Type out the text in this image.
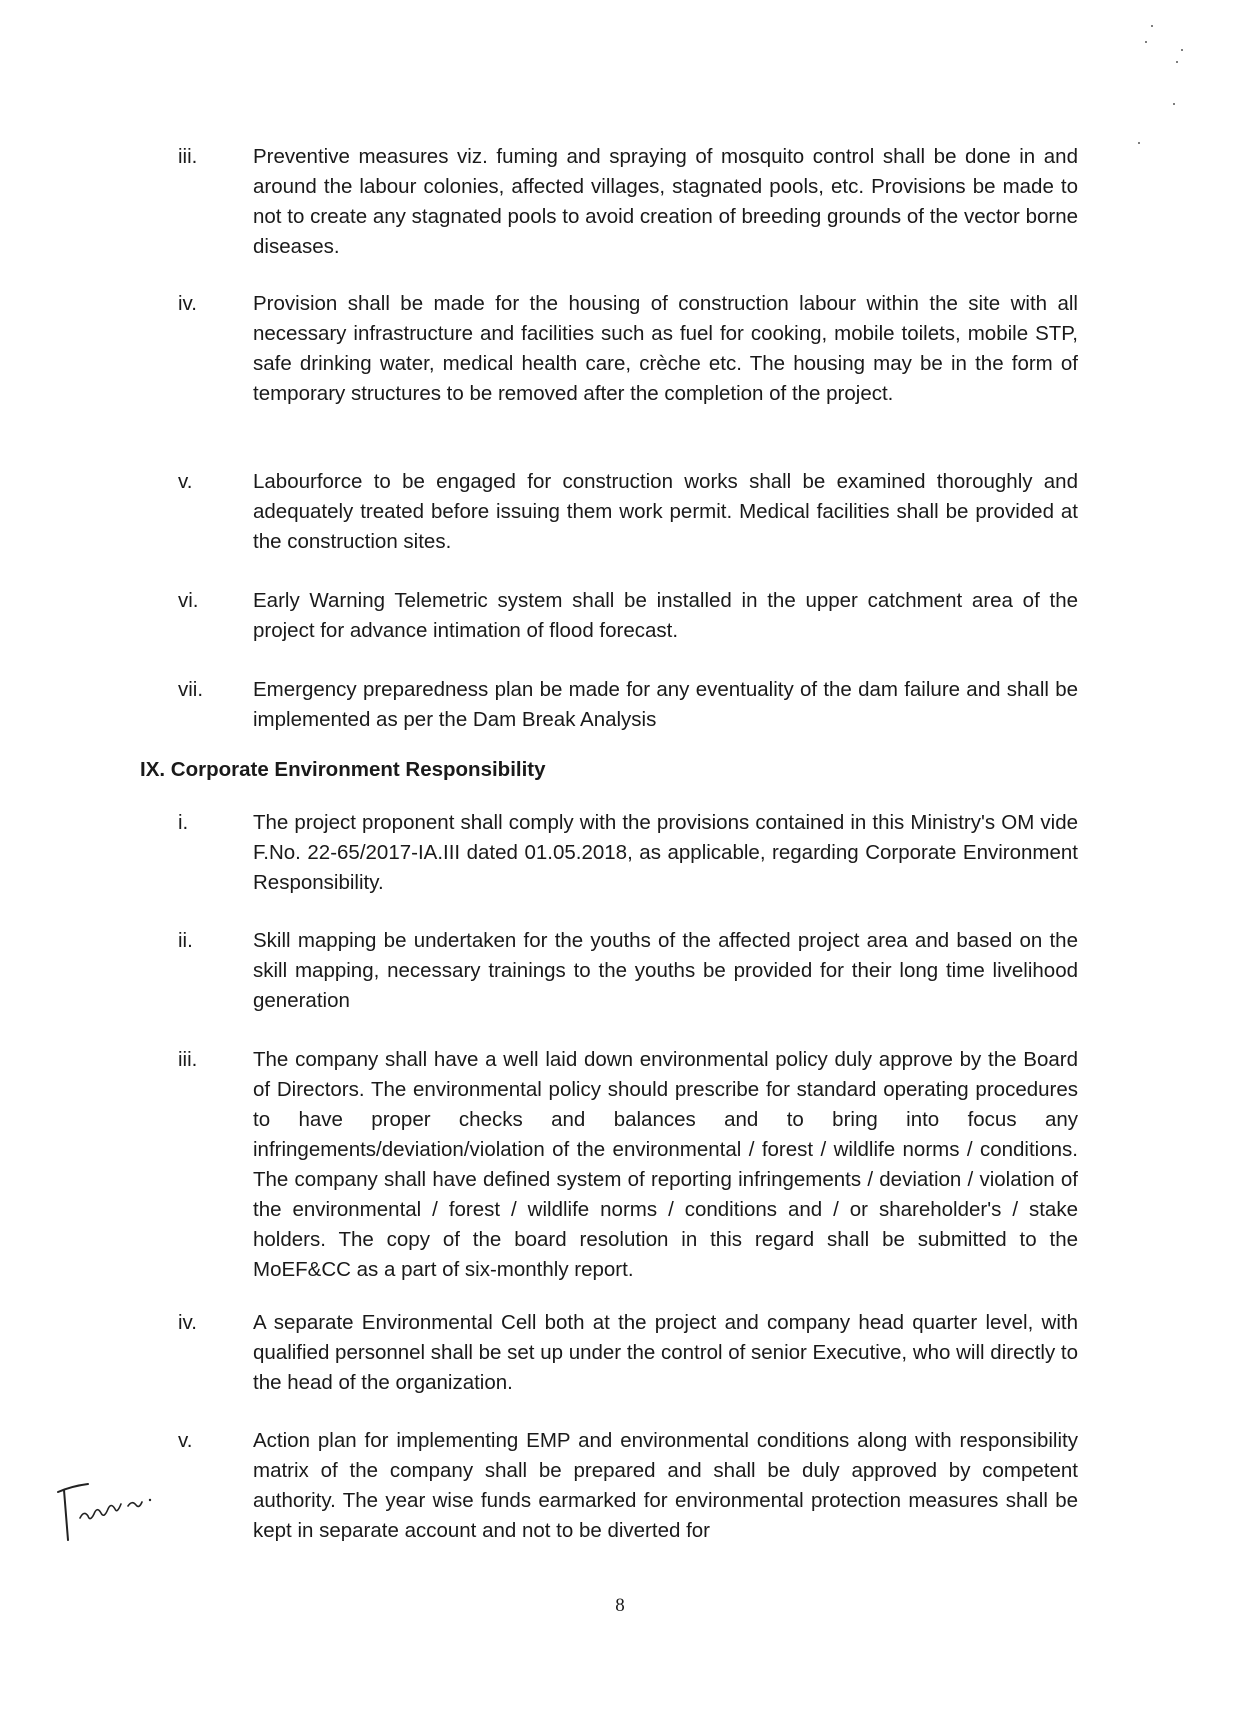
iii.	Preventive measures viz. fuming and spraying of mosquito control shall be done in and around the labour colonies, affected villages, stagnated pools, etc. Provisions be made to not to create any stagnated pools to avoid creation of breeding grounds of the vector borne diseases.
iv.	Provision shall be made for the housing of construction labour within the site with all necessary infrastructure and facilities such as fuel for cooking, mobile toilets, mobile STP, safe drinking water, medical health care, crèche etc. The housing may be in the form of temporary structures to be removed after the completion of the project.
v.	Labourforce to be engaged for construction works shall be examined thoroughly and adequately treated before issuing them work permit. Medical facilities shall be provided at the construction sites.
vi.	Early Warning Telemetric system shall be installed in the upper catchment area of the project for advance intimation of flood forecast.
vii.	Emergency preparedness plan be made for any eventuality of the dam failure and shall be implemented as per the Dam Break Analysis
IX. Corporate Environment Responsibility
i.	The project proponent shall comply with the provisions contained in this Ministry's OM vide F.No. 22-65/2017-IA.III dated 01.05.2018, as applicable, regarding Corporate Environment Responsibility.
ii.	Skill mapping be undertaken for the youths of the affected project area and based on the skill mapping, necessary trainings to the youths be provided for their long time livelihood generation
iii.	The company shall have a well laid down environmental policy duly approve by the Board of Directors. The environmental policy should prescribe for standard operating procedures to have proper checks and balances and to bring into focus any infringements/deviation/violation of the environmental / forest / wildlife norms / conditions. The company shall have defined system of reporting infringements / deviation / violation of the environmental / forest / wildlife norms / conditions and / or shareholder's / stake holders. The copy of the board resolution in this regard shall be submitted to the MoEF&CC as a part of six-monthly report.
iv.	A separate Environmental Cell both at the project and company head quarter level, with qualified personnel shall be set up under the control of senior Executive, who will directly to the head of the organization.
v.	Action plan for implementing EMP and environmental conditions along with responsibility matrix of the company shall be prepared and shall be duly approved by competent authority. The year wise funds earmarked for environmental protection measures shall be kept in separate account and not to be diverted for
8
